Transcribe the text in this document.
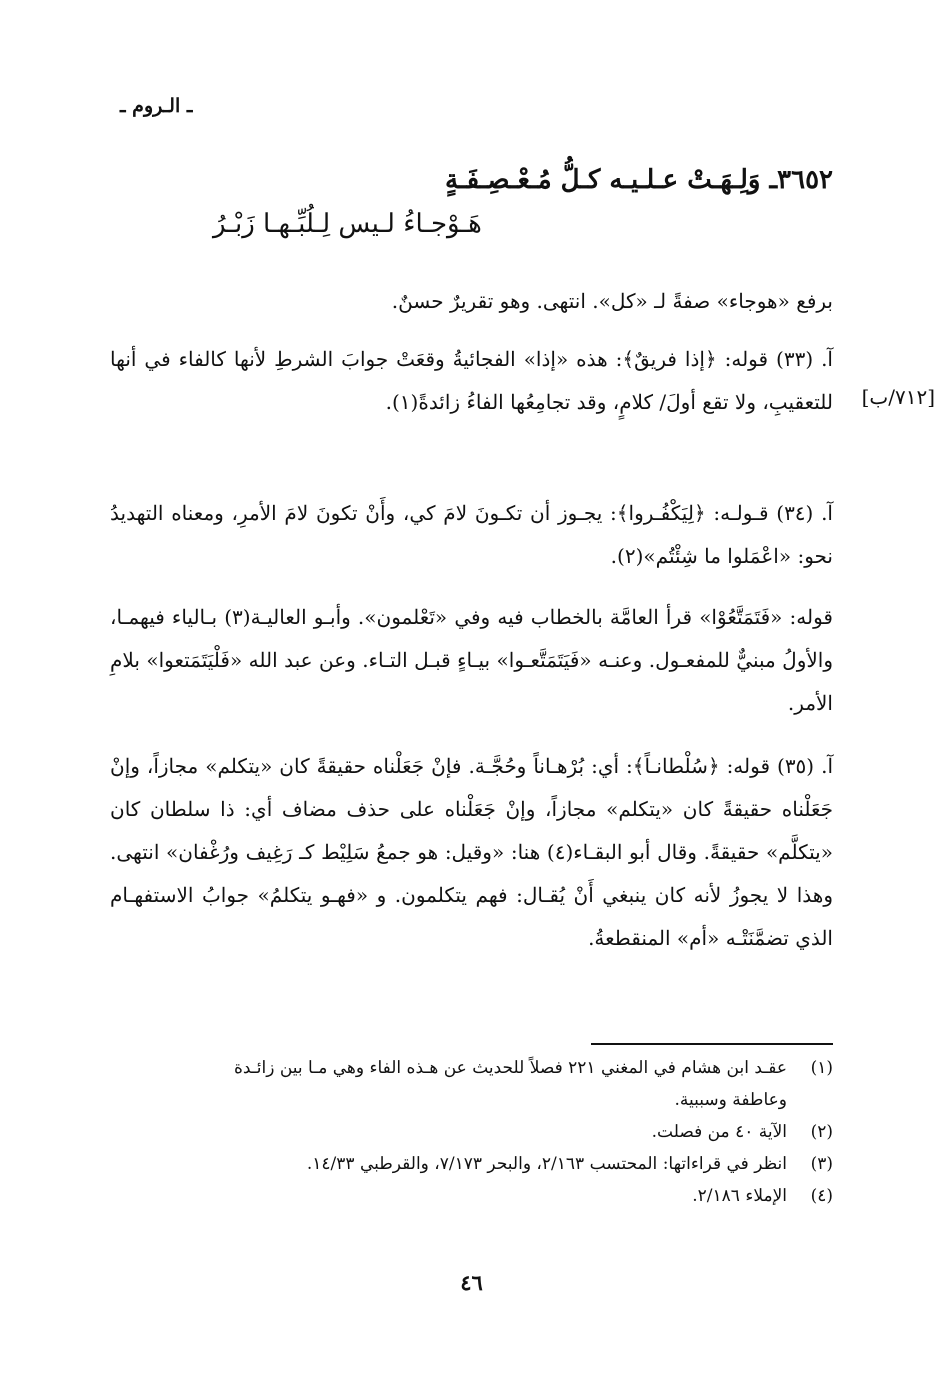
ـ الـروم ـ
٣٦٥٢ـ وَلِـهَـتْ عـلـيـه كـلُّ مُـعْـصِـفَـةٍ
هَـوْجـاءُ لـيس لِـلُبِّـهـا زَبْـرُ
برفع «هوجاء» صفةً لـ «كل». انتهى. وهو تقريرٌ حسنٌ.
آ. (٣٣) قوله: ﴿إذا فريقٌ﴾: هذه «إذا» الفجائيةُ وقعَتْ جوابَ الشرطِ لأنها كالفاء في أنها للتعقيبِ، ولا تقع أولَ/ كلامٍ، وقد تجامِعُها الفاءُ زائدةً(١). [٧١٢/ب]
آ. (٣٤) قـولـه: ﴿لِيَكْفُـروا﴾: يجـوز أن تكـونَ لامَ كي، وأَنْ تكونَ لامَ الأمرِ، ومعناه التهديدُ نحو: «اعْمَلوا ما شِئْتُم»(٢).
قوله: «فَتَمَتَّعُوْا» قرأ العامَّة بالخطاب فيه وفي «تَعْلمون». وأبـو العاليـة(٣) بـالياء فيهمـا، والأولُ مبنيٌّ للمفعـول. وعنـه «فَيَتَمَتَّعـوا» بيـاءٍ قبـل التـاء. وعن عبد الله «فَلْيَتَمَتعوا» بلامِ الأمر.
آ. (٣٥) قوله: ﴿سُلْطانـاً﴾: أي: بُرْهـاناً وحُجَّـة. فإنْ جَعَلْناه حقيقةً كان «يتكلم» مجازاً، وإنْ جَعَلْناه حقيقةً كان «يتكلم» مجازاً، وإنْ جَعَلْناه على حذف مضاف أي: ذا سلطان كان «يتكلَّم» حقيقةً. وقال أبو البقـاء(٤) هنا: «وقيل: هو جمعُ سَلِيْط كـ رَغِيف ورُغْفان» انتهى. وهذا لا يجوزُ لأنه كان ينبغي أَنْ يُقـال: فهم يتكلمون. و «فهـو يتكلمُ» جوابُ الاستفهـام الذي تضمَّنَتْـه «أم» المنقطعةُ.
(١)عقـد ابن هشام في المغني ٢٢١ فصلاً للحديث عن هـذه الفاء وهي مـا بين زائـدة
وعاطفة وسببية.
(٢)الآية ٤٠ من فصلت.
(٣)انظر في قراءاتها: المحتسب ٢/١٦٣، والبحر ٧/١٧٣، والقرطبي ١٤/٣٣.
(٤)الإملاء ٢/١٨٦.
٤٦
